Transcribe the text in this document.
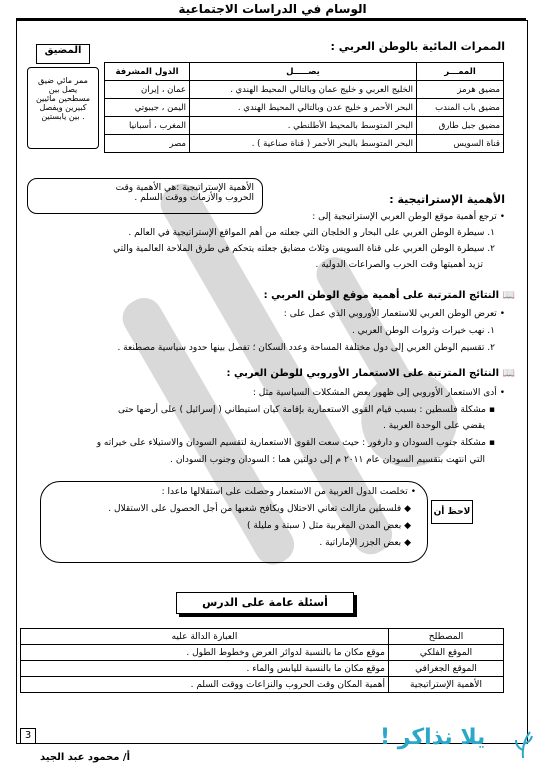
الوسام في الدراسات الاجتماعية
الممرات المائية بالوطن العربي :
المضيق
ممر مائي ضيق
يصل بين
مسطحين مائيين
كبيرين ويفصل
بين يابستين .
الدول المشرفة	يصـــــل	الممـــر
عمان ، إيران	الخليج العربي و خليج عمان وبالتالي المحيط الهندي .	مضيق هرمز
اليمن ، جيبوتي	البحر الأحمر و خليج عدن وبالتالي المحيط الهندي .	مضيق باب المندب
المغرب ، أسبانيا	البحر المتوسط بالمحيط الأطلنطي .	مضيق جبل طارق
مصر	البحر المتوسط بالبحر الأحمر ( قناة صناعية ) .	قناة السويس
الأهمية الإستراتيجية :هي الأهمية وقت
الحروب والأزمات ووقت السلم .	الأهمية الإستراتيجية :
• ترجع أهمية موقع الوطن العربي الإستراتيجية إلى :
١. سيطرة الوطن العربي على البحار و الخلجان التي جعلته من أهم المواقع الإستراتيجية في العالم .
٢. سيطرة الوطن العربي على قناة السويس وثلاث مضايق جعلته يتحكم في طرق الملاحة العالمية والتي
تزيد أهميتها وقت الحرب والصراعات الدولية .
📖 النتائج المترتبة على أهمية موقع الوطن العربي :
• تعرض الوطن العربي للاستعمار الأوروبي الذي عمل على :
١. نهب خيرات وثروات الوطن العربي .
٢. تقسيم الوطن العربي إلى دول مختلفة المساحة وعدد السكان ؛ تفصل بينها حدود سياسية مصطنعة .
📖 النتائج المترتبة على الاستعمار الأوروبي للوطن العربي :
• أدى الاستعمار الأوروبي إلى ظهور بعض المشكلات السياسية مثل :
▪ مشكلة فلسطين : بسبب قيام القوى الاستعمارية بإقامة كيان استيطاني ( إسرائيل ) على أرضها حتى
يقضي على الوحدة العربية .
▪ مشكلة جنوب السودان و دارفور : حيث سعت القوى الاستعمارية لتقسيم السودان والاستيلاء على خيراته و
التي انتهت بتقسيم السودان عام ٢٠١١ م إلى دولتين هما : السودان وجنوب السودان .
لاحظ أن
• تخلصت الدول العربية من الاستعمار وحصلت على استقلالها ماعدا :
◆ فلسطين مازالت تعاني الاحتلال ويكافح شعبها من أجل الحصول على الاستقلال .
◆ بعض المدن المغربية مثل ( سبتة و مليلة )
◆ بعض الجزر الإماراتية .
أسئلة عامة على الدرس
العبارة الدالة عليه	المصطلح
موقع مكان ما بالنسبة لدوائر العرض وخطوط الطول .	الموقع الفلكي
موقع مكان ما بالنسبة لليابس والماء .	الموقع الجغرافي
أهمية المكان وقت الحروب والنزاعات ووقت السلم .	الأهمية الإستراتيجية
3
أ/ محمود عبد الجيد
يلا نذاكر !
